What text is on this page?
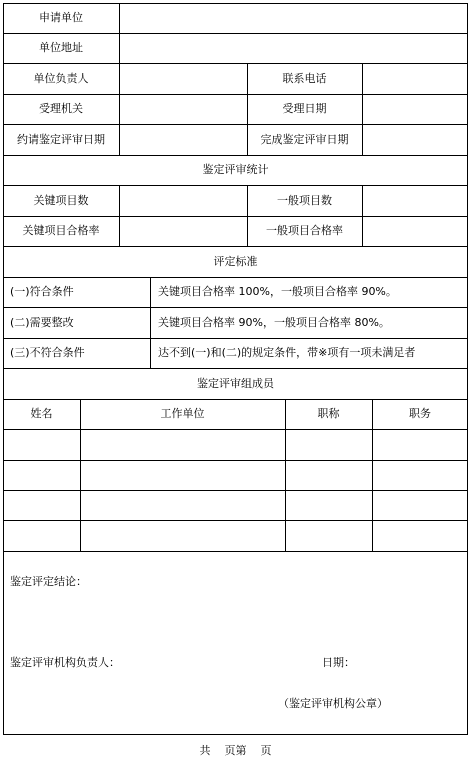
申请单位
单位地址
单位负责人	联系电话
受理机关	受理日期
约请鉴定评审日期	完成鉴定评审日期
鉴定评审统计
关键项目数	一般项目数
关键项目合格率	一般项目合格率
评定标准
(一)符合条件	关键项目合格率 100%，一般项目合格率 90%。
(二)需要整改	关键项目合格率 90%，一般项目合格率 80%。
(三)不符合条件	达不到(一)和(二)的规定条件，带※项有一项未满足者
鉴定评审组成员
姓名	工作单位	职称	职务
鉴定评定结论：
鉴定评审机构负责人：	日期：
（鉴定评审机构公章）
共    页第    页
